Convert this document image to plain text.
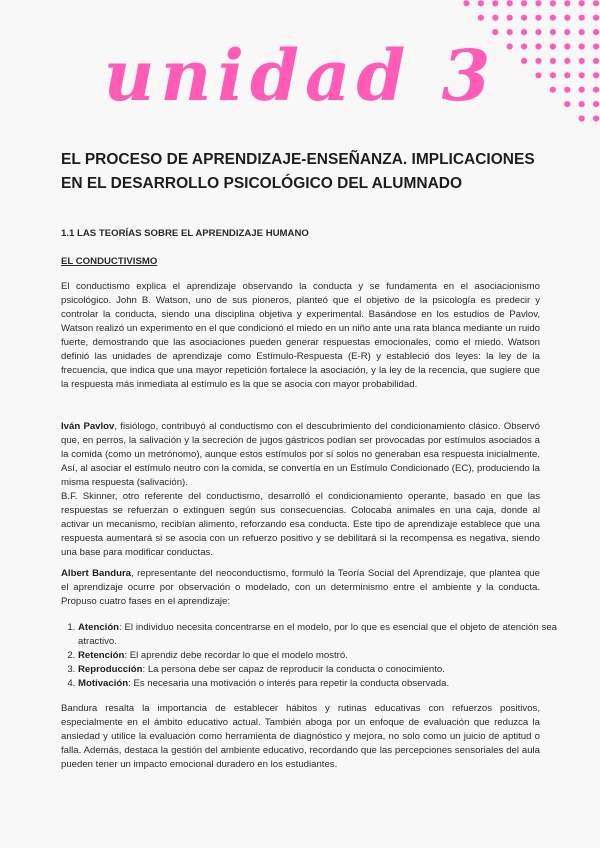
unidad 3
EL PROCESO DE APRENDIZAJE-ENSEÑANZA. IMPLICACIONES EN EL DESARROLLO PSICOLÓGICO DEL ALUMNADO
1.1 LAS TEORÍAS SOBRE EL APRENDIZAJE HUMANO
EL CONDUCTIVISMO

El conductismo explica el aprendizaje observando la conducta y se fundamenta en el asociacionismo psicológico. John B. Watson, uno de sus pioneros, planteó que el objetivo de la psicología es predecir y controlar la conducta, siendo una disciplina objetiva y experimental. Basándose en los estudios de Pavlov, Watson realizó un experimento en el que condicionó el miedo en un niño ante una rata blanca mediante un ruido fuerte, demostrando que las asociaciones pueden generar respuestas emocionales, como el miedo. Watson definió las unidades de aprendizaje como Estímulo-Respuesta (E-R) y estableció dos leyes: la ley de la frecuencia, que indica que una mayor repetición fortalece la asociación, y la ley de la recencia, que sugiere que la respuesta más inmediata al estímulo es la que se asocia con mayor probabilidad.

Iván Pavlov, fisiólogo, contribuyó al conductismo con el descubrimiento del condicionamiento clásico. Observó que, en perros, la salivación y la secreción de jugos gástricos podían ser provocadas por estímulos asociados a la comida (como un metrónomo), aunque estos estímulos por sí solos no generaban esa respuesta inicialmente. Así, al asociar el estímulo neutro con la comida, se convertía en un Estímulo Condicionado (EC), produciendo la misma respuesta (salivación).

B.F. Skinner, otro referente del conductismo, desarrolló el condicionamiento operante, basado en que las respuestas se refuerzan o extinguen según sus consecuencias. Colocaba animales en una caja, donde al activar un mecanismo, recibían alimento, reforzando esa conducta. Este tipo de aprendizaje establece que una respuesta aumentará si se asocia con un refuerzo positivo y se debilitará si la recompensa es negativa, siendo una base para modificar conductas.

Albert Bandura, representante del neoconductismo, formuló la Teoría Social del Aprendizaje, que plantea que el aprendizaje ocurre por observación o modelado, con un determinismo entre el ambiente y la conducta. Propuso cuatro fases en el aprendizaje:

1. Atención: El individuo necesita concentrarse en el modelo, por lo que es esencial que el objeto de atención sea atractivo.
2. Retención: El aprendiz debe recordar lo que el modelo mostró.
3. Reproducción: La persona debe ser capaz de reproducir la conducta o conocimiento.
4. Motivación: Es necesaria una motivación o interés para repetir la conducta observada.

Bandura resalta la importancia de establecer hábitos y rutinas educativas con refuerzos positivos, especialmente en el ámbito educativo actual. También aboga por un enfoque de evaluación que reduzca la ansiedad y utilice la evaluación como herramienta de diagnóstico y mejora, no solo como un juicio de aptitud o falla. Además, destaca la gestión del ambiente educativo, recordando que las percepciones sensoriales del aula pueden tener un impacto emocional duradero en los estudiantes.
